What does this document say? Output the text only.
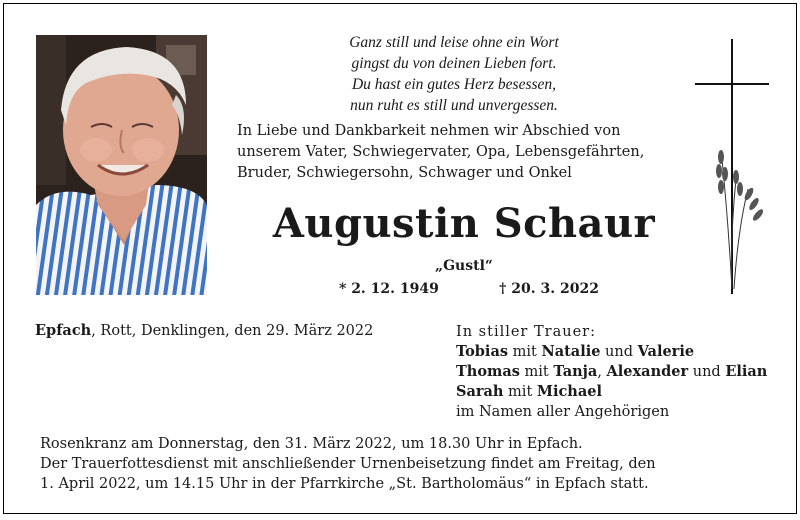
Ganz still und leise ohne ein Wort
gingst du von deinen Lieben fort.
Du hast ein gutes Herz besessen,
nun ruht es still und unvergessen.
In Liebe und Dankbarkeit nehmen wir Abschied von
unserem Vater, Schwiegervater, Opa, Lebensgefährten,
Bruder, Schwiegersohn, Schwager und Onkel
Augustin Schaur
„Gustl“
* 2. 12. 1949	† 20. 3. 2022
Epfach, Rott, Denklingen, den 29. März 2022	In stiller Trauer:
Tobias mit Natalie und Valerie
Thomas mit Tanja, Alexander und Elian
Sarah mit Michael
im Namen aller Angehörigen
Rosenkranz am Donnerstag, den 31. März 2022, um 18.30 Uhr in Epfach.
Der Trauerfottesdienst mit anschließender Urnenbeisetzung findet am Freitag, den
1. April 2022, um 14.15 Uhr in der Pfarrkirche „St. Bartholomäus“ in Epfach statt.
